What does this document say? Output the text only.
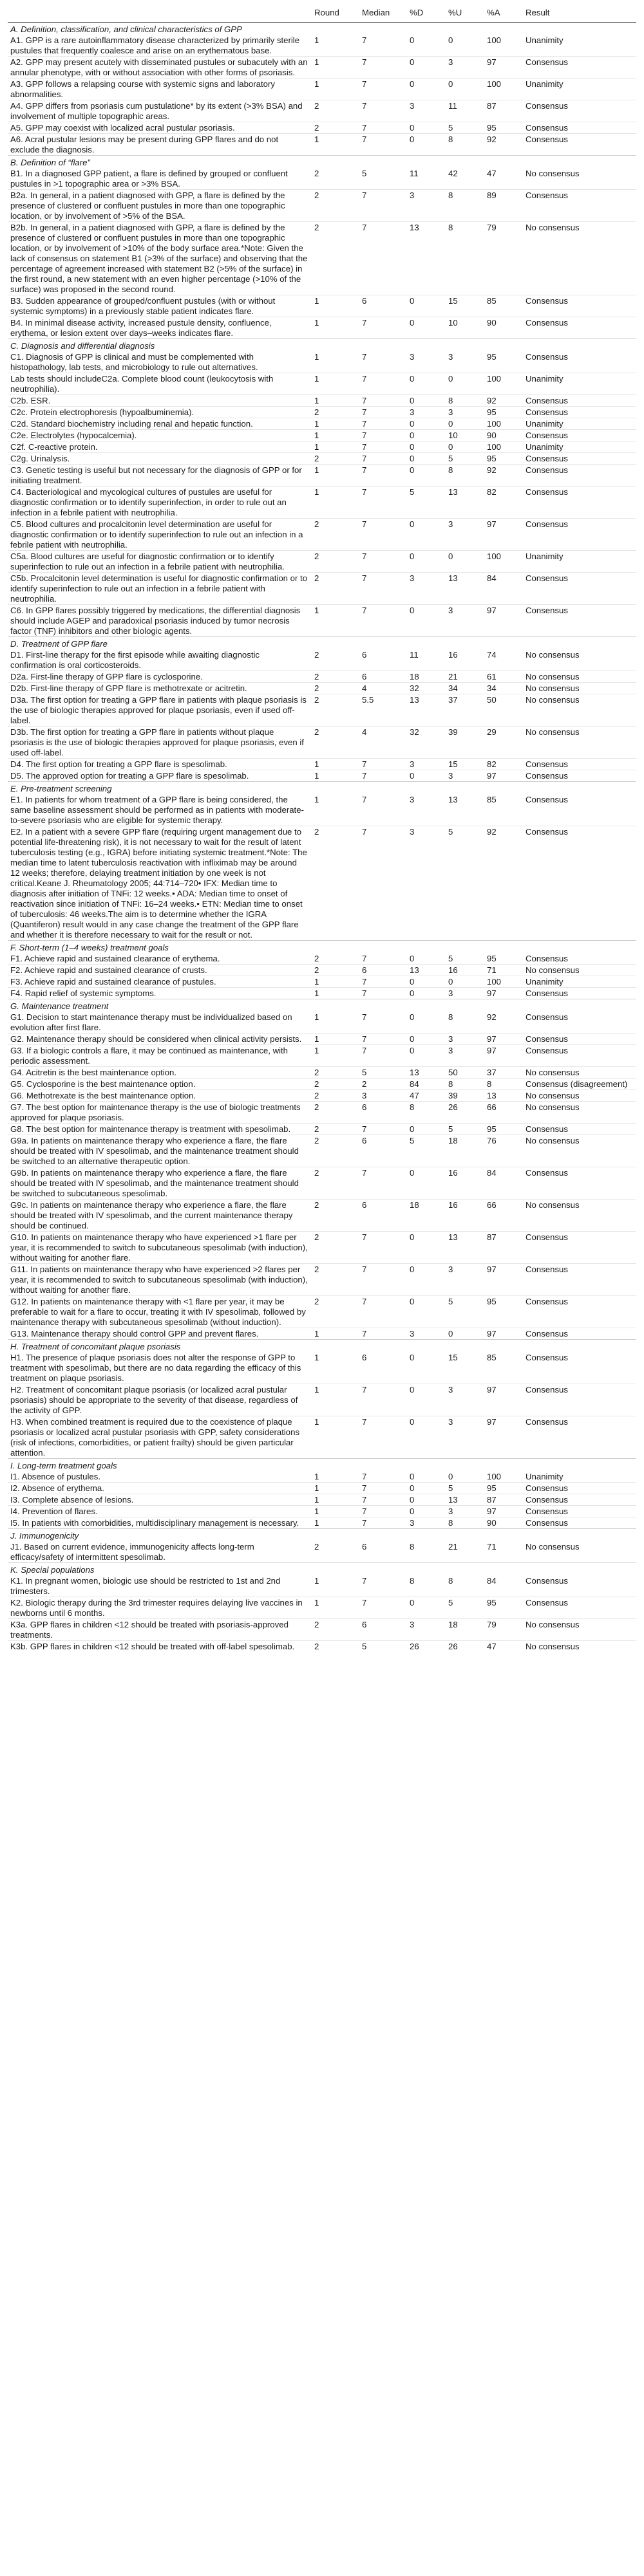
	Round	Median	%D	%U	%A	Result
A. Definition, classification, and clinical characteristics of GPP						
A1. GPP is a rare autoinflammatory disease characterized by primarily sterile pustules that frequently coalesce and arise on an erythematous base.	1	7	0	0	100	Unanimity
A2. GPP may present acutely with disseminated pustules or subacutely with an annular phenotype, with or without association with other forms of psoriasis.	1	7	0	3	97	Consensus
A3. GPP follows a relapsing course with systemic signs and laboratory abnormalities.	1	7	0	0	100	Unanimity
A4. GPP differs from psoriasis cum pustulatione* by its extent (>3% BSA) and involvement of multiple topographic areas.	2	7	3	11	87	Consensus
A5. GPP may coexist with localized acral pustular psoriasis.	2	7	0	5	95	Consensus
A6. Acral pustular lesions may be present during GPP flares and do not exclude the diagnosis.	1	7	0	8	92	Consensus
B. Definition of “flare”						
B1. In a diagnosed GPP patient, a flare is defined by grouped or confluent pustules in >1 topographic area or >3% BSA.	2	5	11	42	47	No consensus
B2a. In general, in a patient diagnosed with GPP, a flare is defined by the presence of clustered or confluent pustules in more than one topographic location, or by involvement of >5% of the BSA.	2	7	3	8	89	Consensus
B2b. In general, in a patient diagnosed with GPP, a flare is defined by the presence of clustered or confluent pustules in more than one topographic location, or by involvement of >10% of the body surface area.*Note: Given the lack of consensus on statement B1 (>3% of the surface) and observing that the percentage of agreement increased with statement B2 (>5% of the surface) in the first round, a new statement with an even higher percentage (>10% of the surface) was proposed in the second round.	2	7	13	8	79	No consensus
B3. Sudden appearance of grouped/confluent pustules (with or without systemic symptoms) in a previously stable patient indicates flare.	1	6	0	15	85	Consensus
B4. In minimal disease activity, increased pustule density, confluence, erythema, or lesion extent over days–weeks indicates flare.	1	7	0	10	90	Consensus
C. Diagnosis and differential diagnosis						
C1. Diagnosis of GPP is clinical and must be complemented with histopathology, lab tests, and microbiology to rule out alternatives.	1	7	3	3	95	Consensus
Lab tests should includeC2a. Complete blood count (leukocytosis with neutrophilia).	1	7	0	0	100	Unanimity
C2b. ESR.	1	7	0	8	92	Consensus
C2c. Protein electrophoresis (hypoalbuminemia).	2	7	3	3	95	Consensus
C2d. Standard biochemistry including renal and hepatic function.	1	7	0	0	100	Unanimity
C2e. Electrolytes (hypocalcemia).	1	7	0	10	90	Consensus
C2f. C-reactive protein.	1	7	0	0	100	Unanimity
C2g. Urinalysis.	2	7	0	5	95	Consensus
C3. Genetic testing is useful but not necessary for the diagnosis of GPP or for initiating treatment.	1	7	0	8	92	Consensus
C4. Bacteriological and mycological cultures of pustules are useful for diagnostic confirmation or to identify superinfection, in order to rule out an infection in a febrile patient with neutrophilia.	1	7	5	13	82	Consensus
C5. Blood cultures and procalcitonin level determination are useful for diagnostic confirmation or to identify superinfection to rule out an infection in a febrile patient with neutrophilia.	2	7	0	3	97	Consensus
C5a. Blood cultures are useful for diagnostic confirmation or to identify superinfection to rule out an infection in a febrile patient with neutrophilia.	2	7	0	0	100	Unanimity
C5b. Procalcitonin level determination is useful for diagnostic confirmation or to identify superinfection to rule out an infection in a febrile patient with neutrophilia.	2	7	3	13	84	Consensus
C6. In GPP flares possibly triggered by medications, the differential diagnosis should include AGEP and paradoxical psoriasis induced by tumor necrosis factor (TNF) inhibitors and other biologic agents.	1	7	0	3	97	Consensus
D. Treatment of GPP flare						
D1. First-line therapy for the first episode while awaiting diagnostic confirmation is oral corticosteroids.	2	6	11	16	74	No consensus
D2a. First-line therapy of GPP flare is cyclosporine.	2	6	18	21	61	No consensus
D2b. First-line therapy of GPP flare is methotrexate or acitretin.	2	4	32	34	34	No consensus
D3a. The first option for treating a GPP flare in patients with plaque psoriasis is the use of biologic therapies approved for plaque psoriasis, even if used off-label.	2	5.5	13	37	50	No consensus
D3b. The first option for treating a GPP flare in patients without plaque psoriasis is the use of biologic therapies approved for plaque psoriasis, even if used off-label.	2	4	32	39	29	No consensus
D4. The first option for treating a GPP flare is spesolimab.	1	7	3	15	82	Consensus
D5. The approved option for treating a GPP flare is spesolimab.	1	7	0	3	97	Consensus
E. Pre-treatment screening						
E1. In patients for whom treatment of a GPP flare is being considered, the same baseline assessment should be performed as in patients with moderate-to-severe psoriasis who are eligible for systemic therapy.	1	7	3	13	85	Consensus
E2. In a patient with a severe GPP flare (requiring urgent management due to potential life-threatening risk), it is not necessary to wait for the result of latent tuberculosis testing (e.g., IGRA) before initiating systemic treatment.*Note: The median time to latent tuberculosis reactivation with infliximab may be around 12 weeks; therefore, delaying treatment initiation by one week is not critical.Keane J. Rheumatology 2005; 44:714–720• IFX: Median time to diagnosis after initiation of TNFi: 12 weeks.• ADA: Median time to onset of reactivation since initiation of TNFi: 16–24 weeks.• ETN: Median time to onset of tuberculosis: 46 weeks.The aim is to determine whether the IGRA (Quantiferon) result would in any case change the treatment of the GPP flare and whether it is therefore necessary to wait for the result or not.	2	7	3	5	92	Consensus
F. Short-term (1–4 weeks) treatment goals						
F1. Achieve rapid and sustained clearance of erythema.	2	7	0	5	95	Consensus
F2. Achieve rapid and sustained clearance of crusts.	2	6	13	16	71	No consensus
F3. Achieve rapid and sustained clearance of pustules.	1	7	0	0	100	Unanimity
F4. Rapid relief of systemic symptoms.	1	7	0	3	97	Consensus
G. Maintenance treatment						
G1. Decision to start maintenance therapy must be individualized based on evolution after first flare.	1	7	0	8	92	Consensus
G2. Maintenance therapy should be considered when clinical activity persists.	1	7	0	3	97	Consensus
G3. If a biologic controls a flare, it may be continued as maintenance, with periodic assessment.	1	7	0	3	97	Consensus
G4. Acitretin is the best maintenance option.	2	5	13	50	37	No consensus
G5. Cyclosporine is the best maintenance option.	2	2	84	8	8	Consensus (disagreement)
G6. Methotrexate is the best maintenance option.	2	3	47	39	13	No consensus
G7. The best option for maintenance therapy is the use of biologic treatments approved for plaque psoriasis.	2	6	8	26	66	No consensus
G8. The best option for maintenance therapy is treatment with spesolimab.	2	7	0	5	95	Consensus
G9a. In patients on maintenance therapy who experience a flare, the flare should be treated with IV spesolimab, and the maintenance treatment should be switched to an alternative therapeutic option.	2	6	5	18	76	No consensus
G9b. In patients on maintenance therapy who experience a flare, the flare should be treated with IV spesolimab, and the maintenance treatment should be switched to subcutaneous spesolimab.	2	7	0	16	84	Consensus
G9c. In patients on maintenance therapy who experience a flare, the flare should be treated with IV spesolimab, and the current maintenance therapy should be continued.	2	6	18	16	66	No consensus
G10. In patients on maintenance therapy who have experienced >1 flare per year, it is recommended to switch to subcutaneous spesolimab (with induction), without waiting for another flare.	2	7	0	13	87	Consensus
G11. In patients on maintenance therapy who have experienced >2 flares per year, it is recommended to switch to subcutaneous spesolimab (with induction), without waiting for another flare.	2	7	0	3	97	Consensus
G12. In patients on maintenance therapy with <1 flare per year, it may be preferable to wait for a flare to occur, treating it with IV spesolimab, followed by maintenance therapy with subcutaneous spesolimab (without induction).	2	7	0	5	95	Consensus
G13. Maintenance therapy should control GPP and prevent flares.	1	7	3	0	97	Consensus
H. Treatment of concomitant plaque psoriasis						
H1. The presence of plaque psoriasis does not alter the response of GPP to treatment with spesolimab, but there are no data regarding the efficacy of this treatment on plaque psoriasis.	1	6	0	15	85	Consensus
H2. Treatment of concomitant plaque psoriasis (or localized acral pustular psoriasis) should be appropriate to the severity of that disease, regardless of the activity of GPP.	1	7	0	3	97	Consensus
H3. When combined treatment is required due to the coexistence of plaque psoriasis or localized acral pustular psoriasis with GPP, safety considerations (risk of infections, comorbidities, or patient frailty) should be given particular attention.	1	7	0	3	97	Consensus
I. Long-term treatment goals						
I1. Absence of pustules.	1	7	0	0	100	Unanimity
I2. Absence of erythema.	1	7	0	5	95	Consensus
I3. Complete absence of lesions.	1	7	0	13	87	Consensus
I4. Prevention of flares.	1	7	0	3	97	Consensus
I5. In patients with comorbidities, multidisciplinary management is necessary.	1	7	3	8	90	Consensus
J. Immunogenicity						
J1. Based on current evidence, immunogenicity affects long-term efficacy/safety of intermittent spesolimab.	2	6	8	21	71	No consensus
K. Special populations						
K1. In pregnant women, biologic use should be restricted to 1st and 2nd trimesters.	1	7	8	8	84	Consensus
K2. Biologic therapy during the 3rd trimester requires delaying live vaccines in newborns until 6 months.	1	7	0	5	95	Consensus
K3a. GPP flares in children <12 should be treated with psoriasis-approved treatments.	2	6	3	18	79	No consensus
K3b. GPP flares in children <12 should be treated with off-label spesolimab.	2	5	26	26	47	No consensus
